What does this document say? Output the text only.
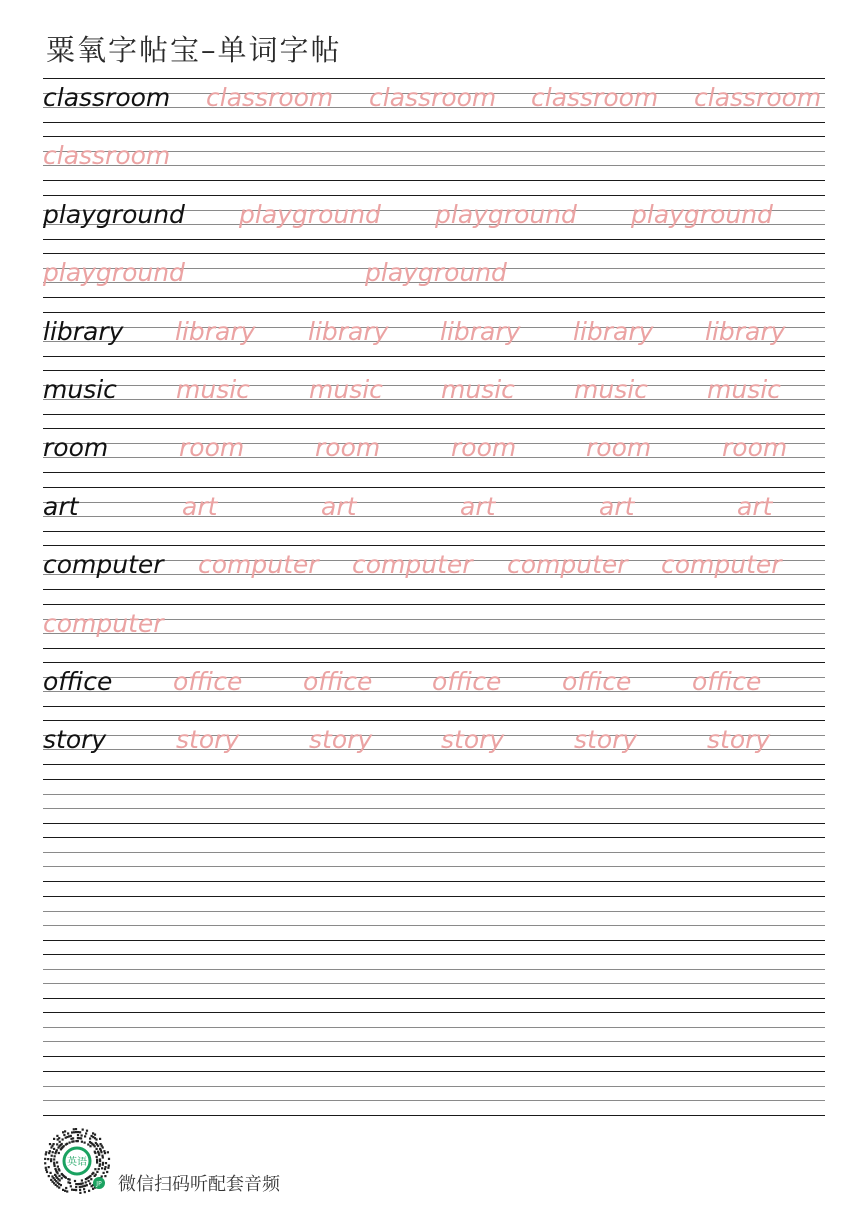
粟氧字帖宝–单词字帖
classroom classroom classroom classroom classroom
classroom
playground playground playground playground
playground	playground
library library library library library library
music music music music music music
room	room	room	room	room	room
art	art	art	art	art	art
computer computer computer computer computer
computer
office office office office office office
story	story	story	story	story	story
英语
JP 微信扫码听配套音频
